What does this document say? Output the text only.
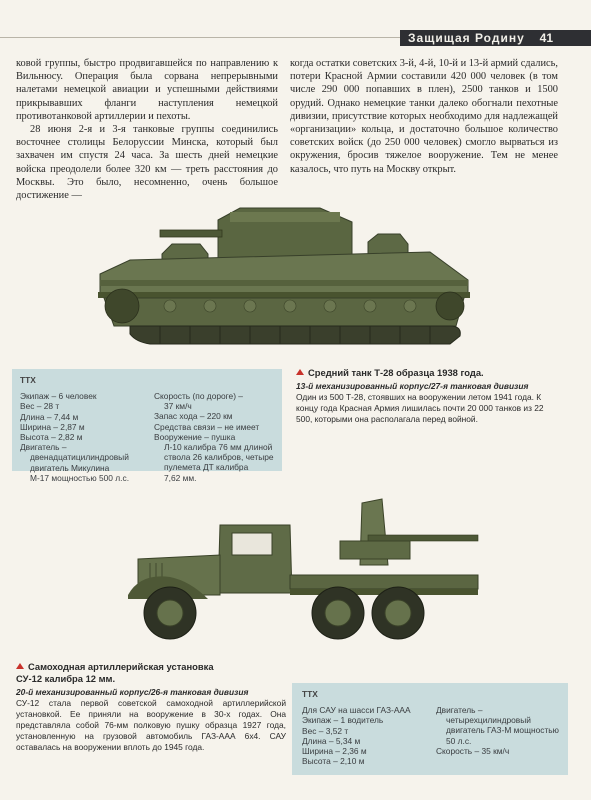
Защищая Родину 41

ковой группы, быстро продвигавшейся по направлению к Вильнюсу. Операция была сорвана непрерывными налетами немецкой авиации и успешными действиями прикрывавших фланги наступления немецкой противотанковой артиллерии и пехоты.

28 июня 2-я и 3-я танковые группы соединились восточнее столицы Белоруссии Минска, который был захвачен им спустя 24 часа. За шесть дней немецкие войска преодолели более 320 км — треть расстояния до Москвы. Это было, несомненно, очень большое достижение —

когда остатки советских 3-й, 4-й, 10-й и 13-й армий сдались, потери Красной Армии составили 420 000 человек (в том числе 290 000 попавших в плен), 2500 танков и 1500 орудий. Однако немецкие танки далеко обогнали пехотные дивизии, присутствие которых необходимо для надлежащей «организации» кольца, и достаточно большое количество советских войск (до 250 000 человек) смогло вырваться из окружения, бросив тяжелое вооружение. Тем не менее казалось, что путь на Москву открыт.

ТТХ
Экипаж – 6 человек
Вес – 28 т
Длина – 7,44 м
Ширина – 2,87 м
Высота – 2,82 м
Двигатель –
двенадцатицилиндровый
двигатель Микулина
М-17 мощностью 500 л.с.
Скорость (по дороге) –
37 км/ч
Запас хода – 220 км
Средства связи – не имеет
Вооружение – пушка
Л-10 калибра 76 мм длиной
ствола 26 калибров, четыре
пулемета ДТ калибра
7,62 мм.
Средний танк Т-28 образца 1938 года.
13-й механизированный корпус/27-я танковая дивизия
Один из 500 Т-28, стоявших на вооружении летом 1941 года. К концу года Красная Армия лишилась почти 20 000 танков из 22 500, которыми она располагала перед войной.
Самоходная артиллерийская установка
СУ-12 калибра 12 мм.
20-й механизированный корпус/26-я танковая дивизия
СУ-12 стала первой советской самоходной артиллерийской установкой. Ее приняли на вооружение в 30-х годах. Она представляла собой 76-мм полковую пушку образца 1927 года, установленную на грузовой автомобиль ГАЗ-ААА 6х4. САУ оставалась на вооружении вплоть до 1945 года.
ТТХ
Для САУ на шасси ГАЗ-ААА
Экипаж – 1 водитель
Вес – 3,52 т
Длина – 5,34 м
Ширина – 2,36 м
Высота – 2,10 м
Двигатель –
четырехцилиндровый
двигатель ГАЗ-М мощностью
50 л.с.
Скорость – 35 км/ч
